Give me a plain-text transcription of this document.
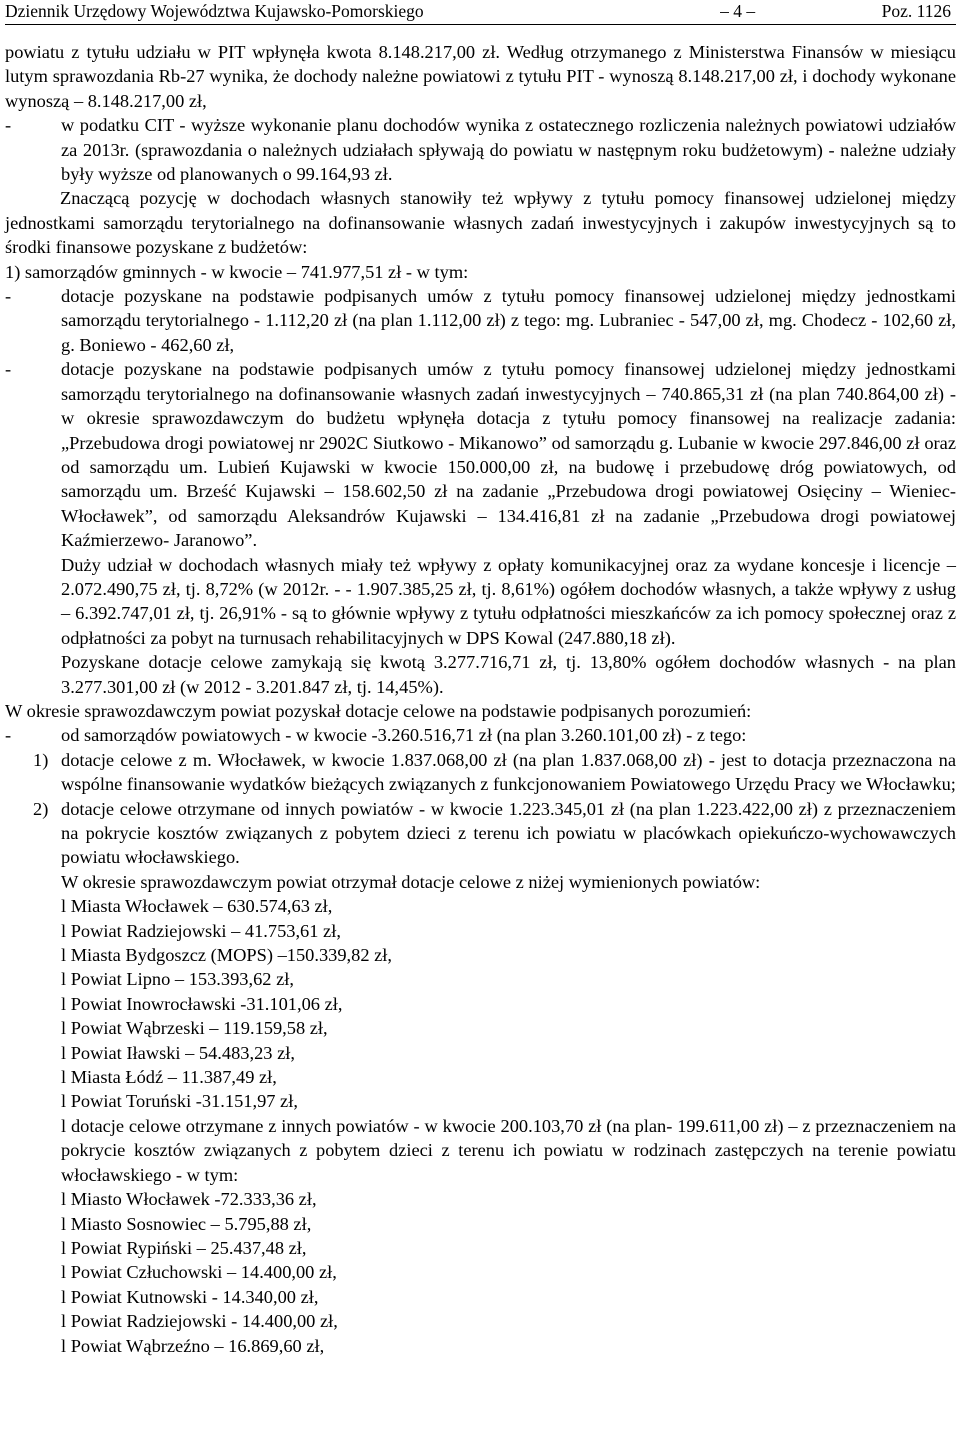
Dziennik Urzędowy Województwa Kujawsko-Pomorskiego	– 4 –	Poz. 1126

powiatu z tytułu udziału w PIT wpłynęła kwota 8.148.217,00 zł. Według otrzymanego z Ministerstwa Finansów w miesiącu lutym sprawozdania Rb-27 wynika, że dochody należne powiatowi z tytułu PIT - wynoszą 8.148.217,00 zł, i dochody wykonane wynoszą – 8.148.217,00 zł,

-	w podatku CIT - wyższe wykonanie planu dochodów wynika z ostatecznego rozliczenia należnych powiatowi udziałów za 2013r. (sprawozdania o należnych udziałach spływają do powiatu w następnym roku budżetowym) - należne udziały były wyższe od planowanych o 99.164,93 zł.

Znaczącą pozycję w dochodach własnych stanowiły też wpływy z tytułu pomocy finansowej udzielonej między jednostkami samorządu terytorialnego na dofinansowanie własnych zadań inwestycyjnych i zakupów inwestycyjnych są to środki finansowe pozyskane z budżetów:

1) samorządów gminnych - w kwocie – 741.977,51 zł - w tym:

-	dotacje pozyskane na podstawie podpisanych umów z tytułu pomocy finansowej udzielonej między jednostkami samorządu terytorialnego - 1.112,20 zł (na plan 1.112,00 zł) z tego: mg. Lubraniec - 547,00 zł, mg. Chodecz - 102,60 zł, g. Boniewo - 462,60 zł,
-	dotacje pozyskane na podstawie podpisanych umów z tytułu pomocy finansowej udzielonej między jednostkami samorządu terytorialnego na dofinansowanie własnych zadań inwestycyjnych – 740.865,31 zł (na plan 740.864,00 zł) - w okresie sprawozdawczym do budżetu wpłynęła dotacja z tytułu pomocy finansowej na realizacje zadania: „Przebudowa drogi powiatowej nr 2902C Siutkowo - Mikanowo” od samorządu g. Lubanie w kwocie 297.846,00 zł oraz od samorządu um. Lubień Kujawski w kwocie 150.000,00 zł, na budowę i przebudowę dróg powiatowych, od samorządu um. Brześć Kujawski – 158.602,50 zł na zadanie „Przebudowa drogi powiatowej Osięciny – Wieniec-Włocławek”, od samorządu Aleksandrów Kujawski – 134.416,81 zł na zadanie „Przebudowa drogi powiatowej Kaźmierzewo- Jaranowo”.

Duży udział w dochodach własnych miały też wpływy z opłaty komunikacyjnej oraz za wydane koncesje i licencje – 2.072.490,75 zł, tj. 8,72% (w 2012r. - - 1.907.385,25 zł, tj. 8,61%) ogółem dochodów własnych, a także wpływy z usług – 6.392.747,01 zł, tj. 26,91% - są to głównie wpływy z tytułu odpłatności mieszkańców za ich pomocy społecznej oraz z odpłatności za pobyt na turnusach rehabilitacyjnych w DPS Kowal (247.880,18 zł).

Pozyskane dotacje celowe zamykają się kwotą 3.277.716,71 zł, tj. 13,80% ogółem dochodów własnych - na plan 3.277.301,00 zł (w 2012 - 3.201.847 zł, tj. 14,45%).

W okresie sprawozdawczym powiat pozyskał dotacje celowe na podstawie podpisanych porozumień:

-	od samorządów powiatowych - w kwocie -3.260.516,71 zł (na plan 3.260.101,00 zł) - z tego:
1) dotacje celowe z m. Włocławek, w kwocie 1.837.068,00 zł (na plan 1.837.068,00 zł) - jest to dotacja przeznaczona na wspólne finansowanie wydatków bieżących związanych z funkcjonowaniem Powiatowego Urzędu Pracy we Włocławku;
2) dotacje celowe otrzymane od innych powiatów - w kwocie 1.223.345,01 zł (na plan 1.223.422,00 zł) z przeznaczeniem na pokrycie kosztów związanych z pobytem dzieci z terenu ich powiatu w placówkach opiekuńczo-wychowawczych powiatu włocławskiego.

W okresie sprawozdawczym powiat otrzymał dotacje celowe z niżej wymienionych powiatów:

l Miasta Włocławek – 630.574,63 zł,
l Powiat Radziejowski – 41.753,61 zł,
l Miasta Bydgoszcz (MOPS) –150.339,82 zł,
l Powiat Lipno – 153.393,62 zł,
l Powiat Inowrocławski -31.101,06 zł,
l Powiat Wąbrzeski – 119.159,58 zł,
l Powiat Iławski – 54.483,23 zł,
l Miasta Łódź – 11.387,49 zł,
l Powiat Toruński -31.151,97 zł,

l dotacje celowe otrzymane z innych powiatów - w kwocie 200.103,70 zł (na plan- 199.611,00 zł) – z przeznaczeniem na pokrycie kosztów związanych z pobytem dzieci z terenu ich powiatu w rodzinach zastępczych na terenie powiatu włocławskiego - w tym:

l Miasto Włocławek -72.333,36 zł,
l Miasto Sosnowiec – 5.795,88 zł,
l Powiat Rypiński – 25.437,48 zł,
l Powiat Człuchowski – 14.400,00 zł,
l Powiat Kutnowski - 14.340,00 zł,
l Powiat Radziejowski - 14.400,00 zł,
l Powiat Wąbrzeźno – 16.869,60 zł,
